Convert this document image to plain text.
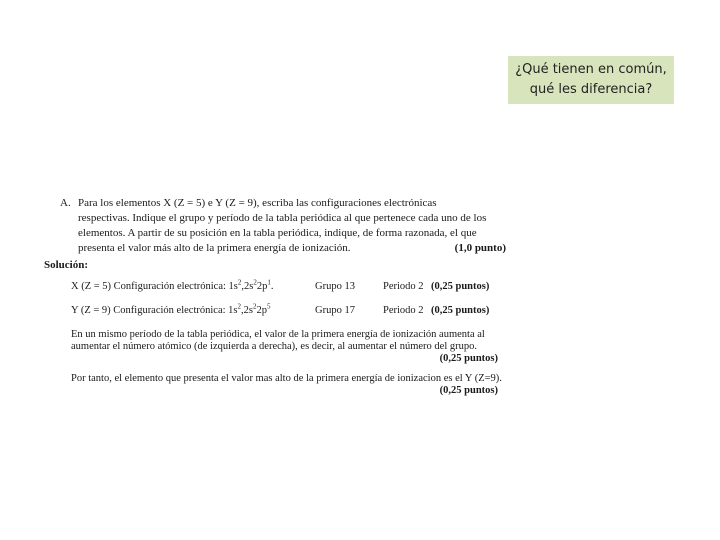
¿Qué tienen en común,
qué les diferencia?
A. Para los elementos X (Z = 5) e Y (Z = 9), escriba las configuraciones electrónicas
respectivas. Indique el grupo y período de la tabla periódica al que pertenece cada uno de los
elementos. A partir de su posición en la tabla periódica, indique, de forma razonada, el que
presenta el valor más alto de la primera energía de ionización.	(1,0 punto)
Solución:
X (Z = 5) Configuración electrónica: $1s^2,2s^22p^1$.	Grupo 13	Periodo 2 (0,25 puntos)
Y (Z = 9) Configuración electrónica: $1s^2,2s^22p^5$	Grupo 17	Periodo 2 (0,25 puntos)
En un mismo período de la tabla periódica, el valor de la primera energía de ionización aumenta al
aumentar el número atómico (de izquierda a derecha), es decir, al aumentar el número del grupo.
(0,25 puntos)
Por tanto, el elemento que presenta el valor mas alto de la primera energía de ionizacion es el Y (Z=9).
(0,25 puntos)
